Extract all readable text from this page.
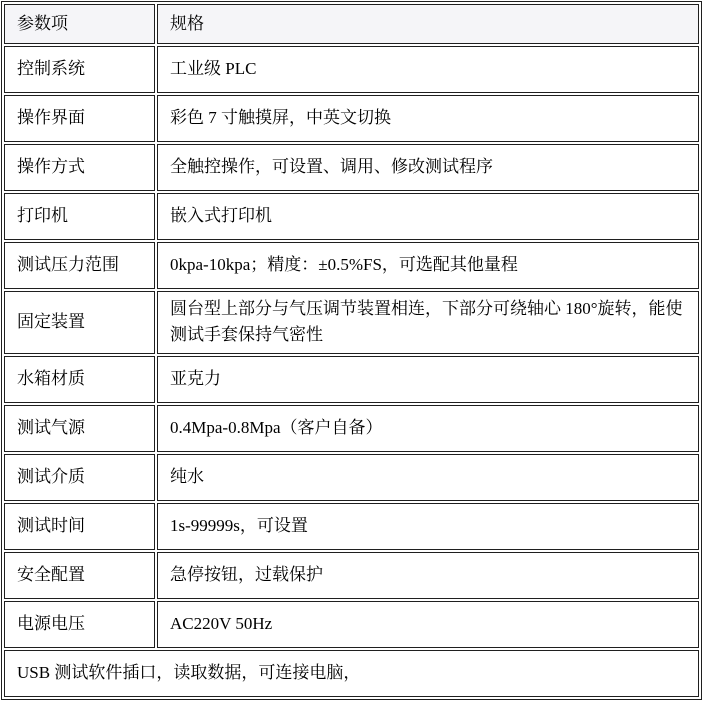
参数项	规格
控制系统	工业级 PLC
操作界面	彩色 7 寸触摸屏，中英文切换
操作方式	全触控操作，可设置、调用、修改测试程序
打印机	嵌入式打印机
测试压力范围	0kpa-10kpa；精度：±0.5%FS，可选配其他量程
固定装置	圆台型上部分与气压调节装置相连，下部分可绕轴心 180°旋转，能使测试手套保持气密性
水箱材质	亚克力
测试气源	0.4Mpa-0.8Mpa（客户自备）
测试介质	纯水
测试时间	1s-99999s，可设置
安全配置	急停按钮，过载保护
电源电压	AC220V 50Hz
USB 测试软件插口，读取数据，可连接电脑，	
